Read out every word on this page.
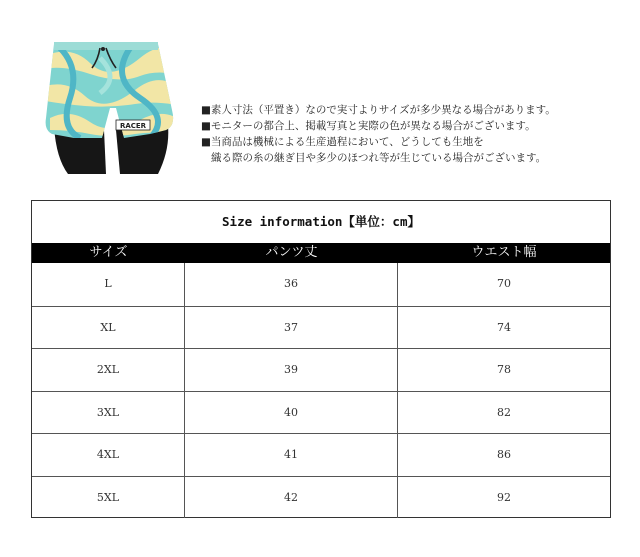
RACER
■素人寸法（平置き）なので実寸よりサイズが多少異なる場合があります。
■モニターの都合上、掲載写真と実際の色が異なる場合がございます。
■当商品は機械による生産過程において、どうしても生地を
織る際の糸の継ぎ目や多少のほつれ等が生じている場合がございます。
Size information【単位：cm】
サイズ	パンツ丈	ウエスト幅
L	36	70
XL	37	74
2XL	39	78
3XL	40	82
4XL	41	86
5XL	42	92
